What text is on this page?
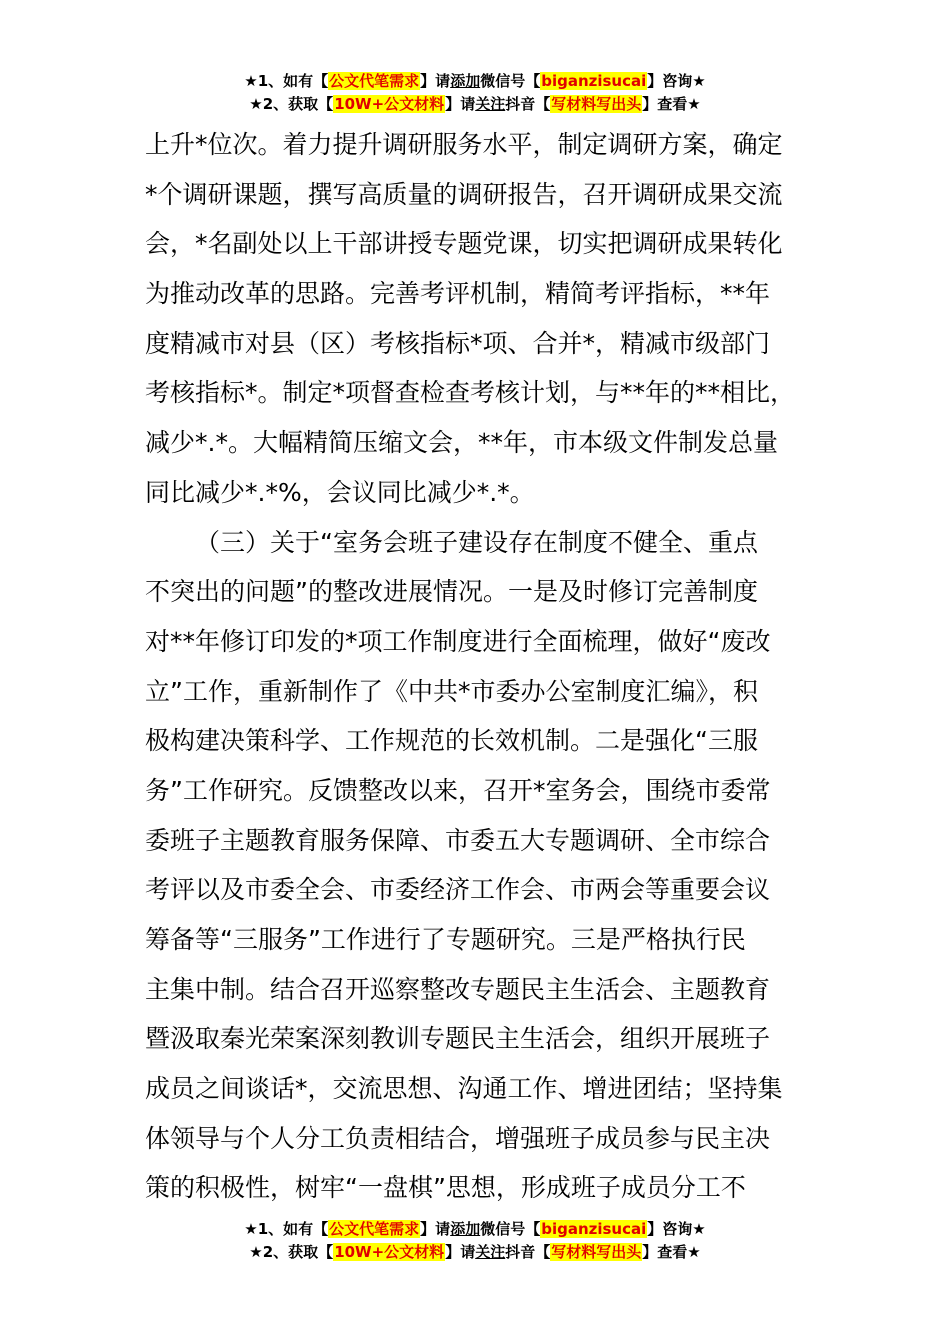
★1、如有【公文代笔需求】请添加微信号【biganzisucai】咨询★
★2、获取【10W+公文材料】请关注抖音【写材料写出头】查看★
上升*位次。着力提升调研服务水平，制定调研方案，确定
*个调研课题，撰写高质量的调研报告，召开调研成果交流
会，*名副处以上干部讲授专题党课，切实把调研成果转化
为推动改革的思路。完善考评机制，精简考评指标，**年
度精减市对县（区）考核指标*项、合并*，精减市级部门
考核指标*。制定*项督查检查考核计划，与**年的**相比，
减少*.*。大幅精简压缩文会，**年，市本级文件制发总量
同比减少*.*%，会议同比减少*.*。
（三）关于“室务会班子建设存在制度不健全、重点
不突出的问题”的整改进展情况。一是及时修订完善制度
对**年修订印发的*项工作制度进行全面梳理，做好“废改
立”工作，重新制作了《中共*市委办公室制度汇编》，积
极构建决策科学、工作规范的长效机制。二是强化“三服
务”工作研究。反馈整改以来，召开*室务会，围绕市委常
委班子主题教育服务保障、市委五大专题调研、全市综合
考评以及市委全会、市委经济工作会、市两会等重要会议
筹备等“三服务”工作进行了专题研究。三是严格执行民
主集中制。结合召开巡察整改专题民主生活会、主题教育
暨汲取秦光荣案深刻教训专题民主生活会，组织开展班子
成员之间谈话*，交流思想、沟通工作、增进团结；坚持集
体领导与个人分工负责相结合，增强班子成员参与民主决
策的积极性，树牢“一盘棋”思想，形成班子成员分工不
★1、如有【公文代笔需求】请添加微信号【biganzisucai】咨询★
★2、获取【10W+公文材料】请关注抖音【写材料写出头】查看★
